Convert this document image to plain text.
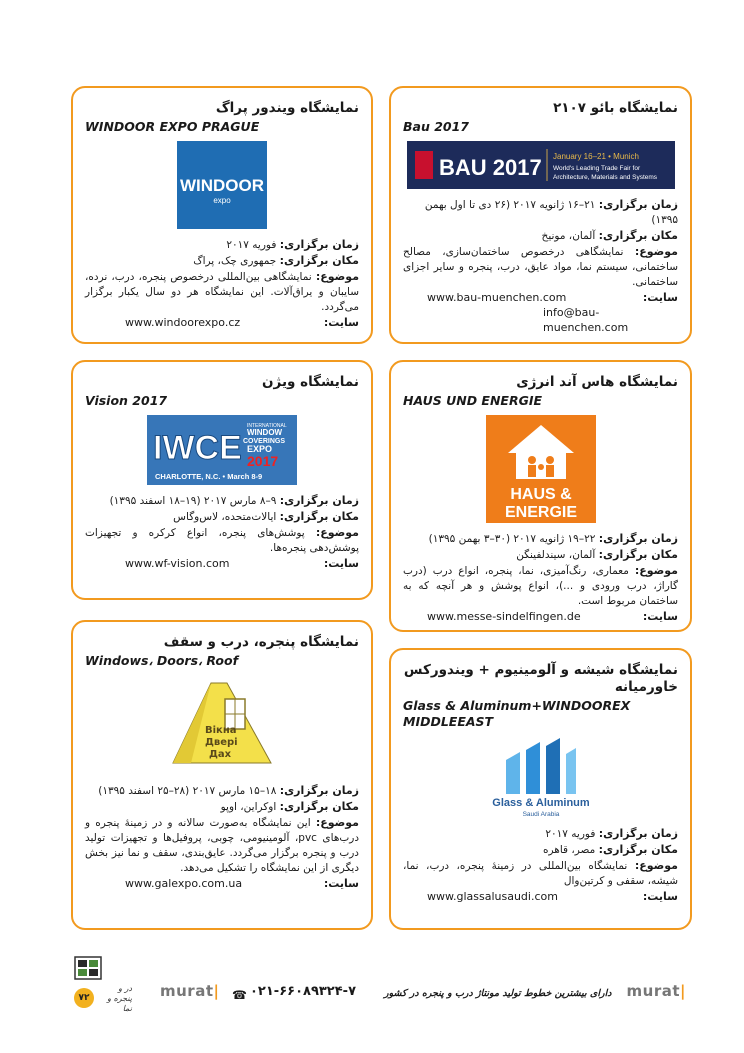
نمایشگاه بائو ۲۱۰۷
Bau 2017
BAU 2017 January 16–21 • Munich
World's Leading Trade Fair for
Architecture, Materials and Systems
زمان برگزاری: ۲۱–۱۶ ژانویه ۲۰۱۷ (۲۶ دی تا اول بهمن ۱۳۹۵)
مکان برگزاری: آلمان، مونیخ
موضوع: نمایشگاهی درخصوص ساختمان‌سازی، مصالح ساختمانی، سیستم نما، مواد عایق، درب، پنجره و سایر اجزای ساختمانی.
سایت:
www.bau-muenchen.com
info@bau-muenchen.com
نمایشگاه ویندور پراگ
WINDOOR EXPO PRAGUE
WINDOOR
expo
زمان برگزاری: فوریه ۲۰۱۷
مکان برگزاری: جمهوری چک، پراگ
موضوع: نمایشگاهی بین‌المللی درخصوص پنجره، درب، نرده، سایبان و یراق‌آلات. این نمایشگاه هر دو سال یکبار برگزار می‌گردد.
سایت:
www.windoorexpo.cz
نمایشگاه هاس آند انرژی
HAUS UND ENERGIE
HAUS &
ENERGIE
زمان برگزاری: ۲۲–۱۹ ژانویه ۲۰۱۷ (۳۰–۳ بهمن ۱۳۹۵)
مکان برگزاری: آلمان، سیندلفینگن
موضوع: معماری، رنگ‌آمیزی، نما، پنجره، انواع درب (درب گاراژ، درب ورودی و ...)، انواع پوشش و هر آنچه که به ساختمان مربوط است.
سایت:
www.messe-sindelfingen.de
نمایشگاه ویژن
Vision 2017
IWCE
INTERNATIONAL
WINDOW
COVERINGS
EXPO
2017
CHARLOTTE, N.C. • March 8-9
زمان برگزاری: ۹–۸ مارس ۲۰۱۷ (۱۹–۱۸ اسفند ۱۳۹۵)
مکان برگزاری: ایالات‌متحده، لاس‌وگاس
موضوع: پوشش‌های پنجره، انواع کرکره و تجهیزات پوشش‌دهی پنجره‌ها.
سایت:
www.wf-vision.com
نمایشگاه شیشه و آلومینیوم + ویندورکس خاورمیانه
Glass & Aluminum+WINDOOREX MIDDLEEAST
Glass & Aluminum
Saudi Arabia
زمان برگزاری: فوریه ۲۰۱۷
مکان برگزاری: مصر، قاهره
موضوع: نمایشگاه بین‌المللی در زمینهٔ پنجره، درب، نما، شیشه، سقفی و کرتین‌وال
سایت:
www.glassalusaudi.com
نمایشگاه پنجره، درب و سقف
Windows، Doors، Roof
Вікна
Двері
Дах
زمان برگزاری: ۱۸–۱۵ مارس ۲۰۱۷ (۲۸–۲۵ اسفند ۱۳۹۵)
مکان برگزاری: اوکراین، اوپو
موضوع: این نمایشگاه به‌صورت سالانه و در زمینهٔ پنجره و درب‌های pvc، آلومینیومی، چوبی، پروفیل‌ها و تجهیزات تولید درب و پنجره برگزار می‌گردد. عایق‌بندی، سقف و نما نیز بخش دیگری از این نمایشگاه را تشکیل می‌دهد.
سایت:
www.galexpo.com.ua
۷۲
در و پنجره و نما
murat| ☎ ۰۲۱-۶۶۰۸۹۳۲۴-۷	دارای بیشترین خطوط تولید مونتاژ درب و پنجره در کشور murat|
